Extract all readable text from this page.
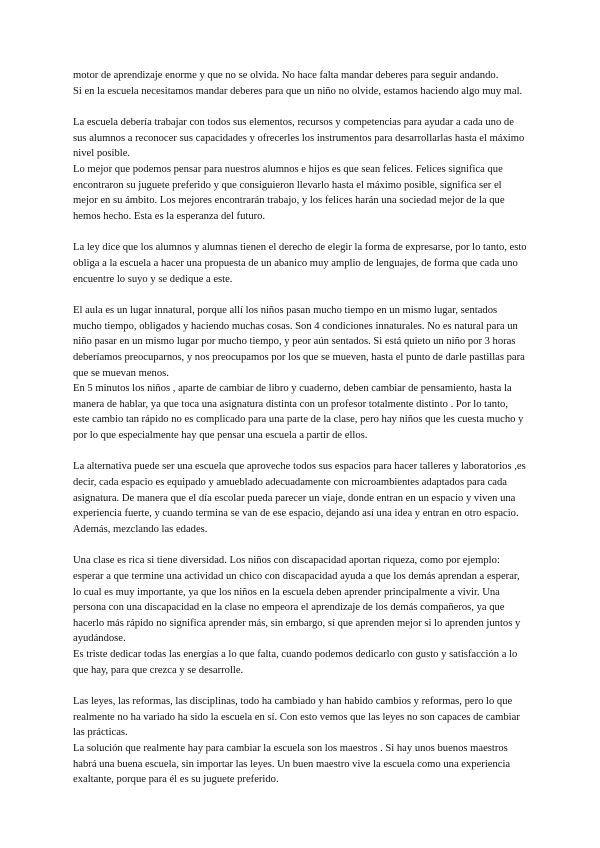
motor de aprendizaje enorme y que no se olvida. No hace falta mandar deberes para seguir andando.

Si en la escuela necesitamos mandar deberes para que un niño no olvide, estamos haciendo algo muy mal.

La escuela debería trabajar con todos sus elementos, recursos y competencias para ayudar a cada uno de sus alumnos a reconocer sus capacidades y ofrecerles los instrumentos para desarrollarlas hasta el máximo nivel posible.

Lo mejor que podemos pensar para nuestros alumnos e hijos es que sean felices. Felices significa que encontraron su juguete preferido y que consiguieron llevarlo hasta el máximo posible, significa ser el mejor en su ámbito. Los mejores encontrarán trabajo, y los felices harán una sociedad mejor de la que hemos hecho. Esta es la esperanza del futuro.

La ley dice que los alumnos y alumnas tienen el derecho de elegir la forma de expresarse, por lo tanto, esto obliga a la escuela a hacer una propuesta de un abanico muy amplio de lenguajes, de forma que cada uno encuentre lo suyo y se dedique a este.

El aula es un lugar innatural, porque allí los niños pasan mucho tiempo en un mismo lugar, sentados mucho tiempo, obligados y haciendo muchas cosas. Son 4 condiciones innaturales. No es natural para un niño pasar en un mismo lugar por mucho tiempo, y peor aún sentados. Si está quieto un niño por 3 horas deberíamos preocuparnos, y nos preocupamos por los que se mueven, hasta el punto de darle pastillas para que se muevan menos.

En 5 minutos los niños , aparte de cambiar de libro y cuaderno, deben cambiar de pensamiento, hasta la manera de hablar, ya que toca una asignatura distinta con un profesor totalmente distinto . Por lo tanto, este cambio tan rápido no es complicado para una parte de la clase, pero hay niños que les cuesta mucho y por lo que especialmente hay que pensar una escuela a partir de ellos.

La alternativa puede ser una escuela que aproveche todos sus espacios para hacer talleres y laboratorios ,es decir, cada espacio es equipado y amueblado adecuadamente con microambientes adaptados para cada asignatura. De manera que el día escolar pueda parecer un viaje, donde entran en un espacio y viven una experiencia fuerte, y cuando termina se van de ese espacio, dejando así una idea y entran en otro espacio. Además, mezclando las edades.

Una clase es rica si tiene diversidad. Los niños con discapacidad aportan riqueza, como por ejemplo: esperar a que termine una actividad un chico con discapacidad ayuda a que los demás aprendan a esperar, lo cual es muy importante, ya que los niños en la escuela deben aprender principalmente a vivir. Una persona con una discapacidad en la clase no empeora el aprendizaje de los demás compañeros, ya que hacerlo más rápido no significa aprender más, sin embargo, sí que aprenden mejor si lo aprenden juntos y ayudándose.

Es triste dedicar todas las energías a lo que falta, cuando podemos dedicarlo con gusto y satisfacción a lo que hay, para que crezca y se desarrolle.

Las leyes, las reformas, las disciplinas, todo ha cambiado y han habido cambios y reformas, pero lo que realmente no ha variado ha sido la escuela en sí. Con esto vemos que las leyes no son capaces de cambiar las prácticas.

La solución que realmente hay para cambiar la escuela son los maestros . Si hay unos buenos maestros habrá una buena escuela, sin importar las leyes. Un buen maestro vive la escuela como una experiencia exaltante, porque para él es su juguete preferido.
